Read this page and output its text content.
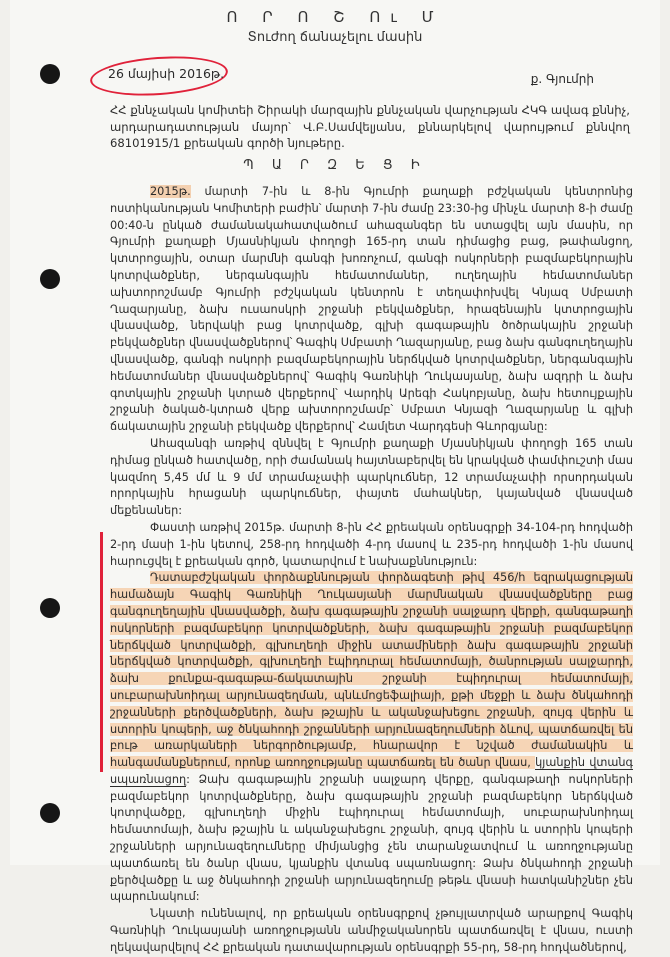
Ո Ր Ո Շ Ու Մ
Տուժող ճանաչելու մասին
26 մայիսի 2016թ.	ք. Գյումրի
ՀՀ քննչական կոմիտեի Շիրակի մարզային քննչական վարչության ՀԿԳ ավագ քննիչ, արդարադատության մայոր՝ Վ.Բ.Սամվելյանս, քննարկելով վարույթում քննվող 68101915/1 քրեական գործի նյութերը.
Պ Ա Ր Զ Ե Ց Ի

2015թ. մարտի 7-ին և 8-ին Գյումրի քաղաքի բժշկական կենտրոնից ոստիկանության Կոմիտերի բաժին՝ մարտի 7-ին ժամը 23:30-ից մինչև մարտի 8-ի ժամը 00:40-ն ընկած ժամանակահատվածում ահազանգեր են ստացվել այն մասին, որ Գյումրի քաղաքի Մյասնիկյան փողոցի 165-րդ տան դիմացից բաց, թափանցող, կտտրոցային, օտար մարմնի գանգի խոռոչում, գանգի ոսկորների բազմաբեկորային կոտրվածքներ, ներգանգային հեմատոմաներ, ուղեղային հեմատոմաներ ախտորոշմամբ Գյումրի բժշկական կենտրոն է տեղափոխվել Կնյազ Սմբատի Ղազարյանը, ձախ ուսաոսկրի շրջանի բեկվածքներ, հրազենային կտտրոցային վնասվածք, ներվակի բաց կոտրվածք, գլխի գագաթային ծոծրակային շրջանի բեկվածքներ վնասվածքներով՝ Գագիկ Սմբատի Ղազարյանը, բաց ձախ գանգուղեղային վնասվածք, գանգի ոսկորի բազմաբեկորային ներճկված կոտրվածքներ, ներգանգային հեմատոմաներ վնասվածքներով՝ Գագիկ Գառնիկի Ղուկասյանը, ձախ ազդրի և ձախ գոտկային շրջանի կտրած վերքերով՝ Վարդիկ Արեգի Հակոբյանը, ձախ հետույքային շրջանի ծակած-կտրած վերք ախտորոշմամբ՝ Սմբատ Կնյազի Ղազարյանը և գլխի ճակատային շրջանի բեկվածք վերքերով՝ Համլետ Վարդգեսի Գևորգյանը:

Ահազանգի առթիվ զննվել է Գյումրի քաղաքի Մյասնիկյան փողոցի 165 տան դիմաց ընկած հատվածը, որի ժամանակ հայտնաբերվել են կրակված փամփուշտի մաս կազմող 5,45 մմ և 9 մմ տրամաչափի պարկուճներ, 12 տրամաչափի որսորդական որորկային հրացանի պարկուճներ, փայտե մահակներ, կայանված վնասված մեքենաներ:

Փաստի առթիվ 2015թ. մարտի 8-ին ՀՀ քրեական օրենսգրքի 34-104-րդ հոդվածի 2-րդ մասի 1-ին կետով, 258-րդ հոդվածի 4-րդ մասով և 235-րդ հոդվածի 1-ին մասով հարուցվել է քրեական գործ, կատարվում է նախաքննություն:

Դատաբժշկական փորձաքննության փորձագետի թիվ 456/հ եզրակացության համաձայն Գագիկ Գառնիկի Ղուկասյանի մարմնական վնասվածքները բաց գանգուղեղային վնասվածքի, ձախ գագաթային շրջանի սալջարդ վերքի, գանգաթաղի ոսկորների բազմաբեկոր կոտրվածքների, ձախ գագաթային շրջանի բազմաբեկոր ներճկված կոտրվածքի, գլխուղեղի միջին ատամիների ձախ գագաթային շրջանի ներճկված կոտրվածքի, գլխուղեղի էպիդուրալ հեմատոմայի, ծանրության սալջարդի, ձախ քունքա-գագաթա-ճակատային շրջանի էպիդուրալ հեմատոմայի, սուբարախնոիդալ արյունազեղման, պնևմոցեֆալիայի, քթի մեջքի և ձախ ծնկահոդի շրջանների քերծվածքների, ձախ թշային և ականջախեցու շրջանի, զույգ վերին և ստորին կոպերի, աջ ծնկահոդի շրջանների արյունազեղումների ձևով, պատճառվել են բութ առարկաների ներգործությամբ, հնարավոր է նշված ժամանակին և հանգամանքներում, որոնք առողջությանը պատճառել են ծանր վնաս, կյանքին վտանգ սպառնացող: Ձախ գագաթային շրջանի սալջարդ վերքը, գանգաթաղի ոսկորների բազմաբեկոր կոտրվածքները, ձախ գագաթային շրջանի բազմաբեկոր ներճկված կոտրվածքը, գլխուղեղի միջին էպիդուրալ հեմատոմայի, սուբարախնոիդալ հեմատոմայի, ձախ թշային և ականջախեցու շրջանի, զույգ վերին և ստորին կոպերի շրջանների արյունազեղումները միմյանցից չեն տարանջատվում և առողջությանը պատճառել են ծանր վնաս, կյանքին վտանգ սպառնացող: Ձախ ծնկահոդի շրջանի քերծվածքը և աջ ծնկահոդի շրջանի արյունազեղումը թեթև վնասի հատկանիշներ չեն պարունակում:

Նկատի ունենալով, որ քրեական օրենսգրքով չթույլատրված արարքով Գագիկ Գառնիկի Ղուկասյանի առողջությանն անմիջականորեն պատճառվել է վնաս, ուստի ղեկավարվելով ՀՀ քրեական դատավարության օրենսգրքի 55-րդ, 58-րդ հոդվածներով,
